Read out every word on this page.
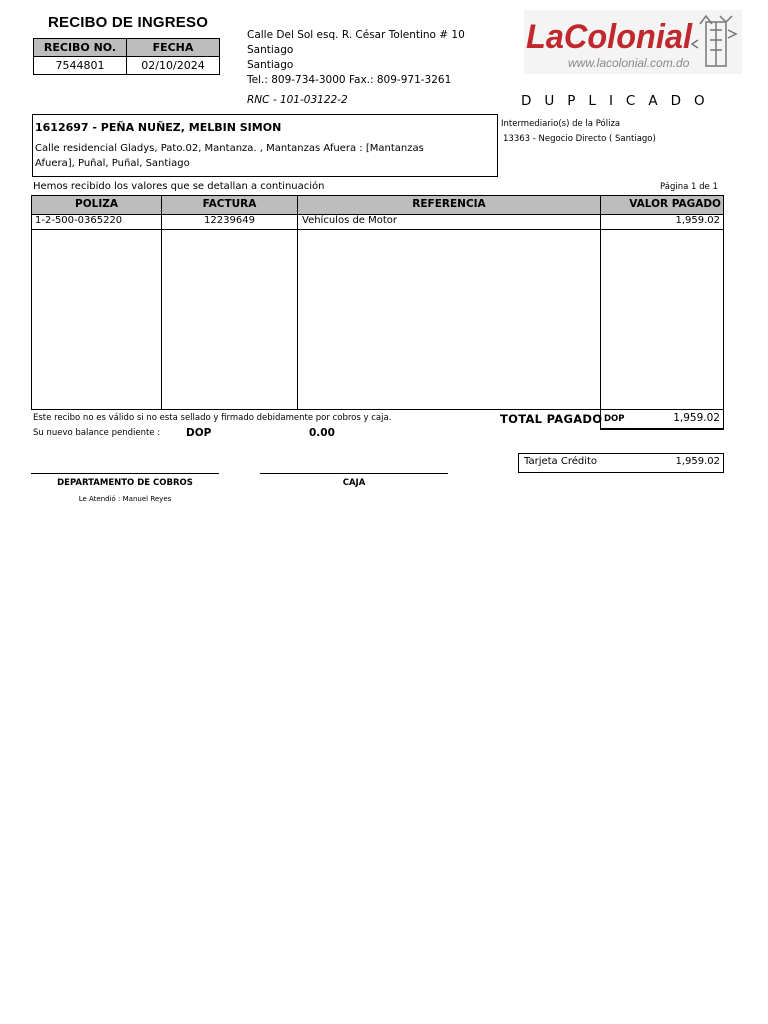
RECIBO DE INGRESO
RECIBO NO.	FECHA
7544801	02/10/2024
Calle Del Sol esq. R. César Tolentino # 10
Santiago
Santiago
Tel.: 809-734-3000 Fax.: 809-971-3261
RNC - 101-03122-2	DUPLICADO
LaColonial
www.lacolonial.com.do
1612697 - PEÑA NUÑEZ, MELBIN SIMON
Calle residencial Gladys, Pato.02, Mantanza. , Mantanzas Afuera : [Mantanzas Afuera], Puñal, Puñal, Santiago
Intermediario(s) de la Póliza
13363 - Negocio Directo ( Santiago)
Hemos recibido los valores que se detallan a continuación	Página 1 de 1
POLIZA	FACTURA	REFERENCIA	VALOR PAGADO
1-2-500-0365220	12239649	Vehículos de Motor	1,959.02
Este recibo no es válido si no esta sellado y firmado debidamente por cobros y caja.
Su nuevo balance pendiente : DOP	0.00
TOTAL PAGADO DOP	1,959.02
Tarjeta Crédito	1,959.02
DEPARTAMENTO DE COBROS	CAJA
Le Atendió : Manuel Reyes
